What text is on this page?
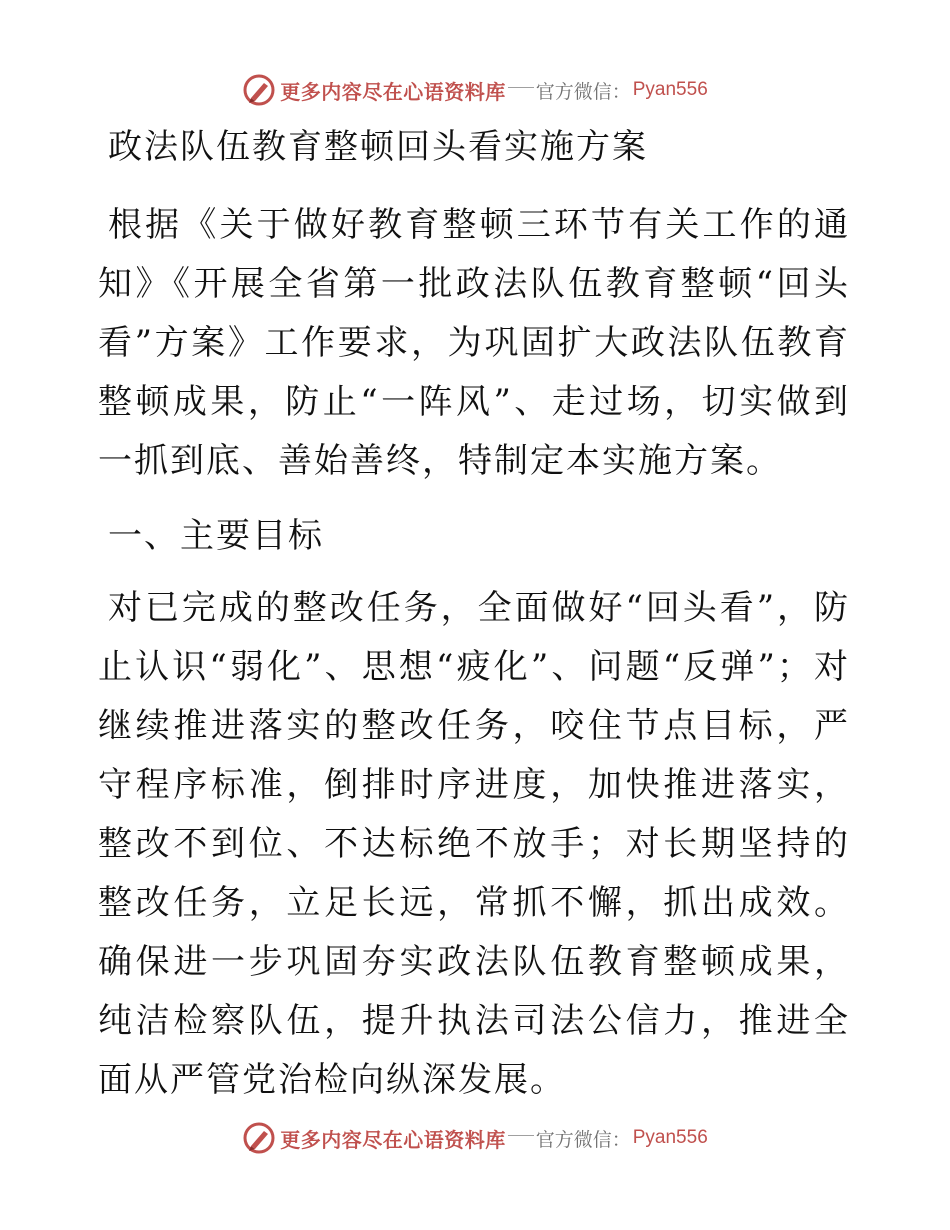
更多内容尽在心语资料库 官方微信： Pyan556
政法队伍教育整顿回头看实施方案

根据《关于做好教育整顿三环节有关工作的通知》《开展全省第一批政法队伍教育整顿“回头看”方案》工作要求，为巩固扩大政法队伍教育整顿成果，防止“一阵风”、走过场，切实做到一抓到底、善始善终，特制定本实施方案。

一、主要目标

对已完成的整改任务，全面做好“回头看”，防止认识“弱化”、思想“疲化”、问题“反弹”；对继续推进落实的整改任务，咬住节点目标，严守程序标准，倒排时序进度，加快推进落实，整改不到位、不达标绝不放手；对长期坚持的整改任务，立足长远，常抓不懈，抓出成效。确保进一步巩固夯实政法队伍教育整顿成果，纯洁检察队伍，提升执法司法公信力，推进全面从严管党治检向纵深发展。

更多内容尽在心语资料库 官方微信： Pyan556
